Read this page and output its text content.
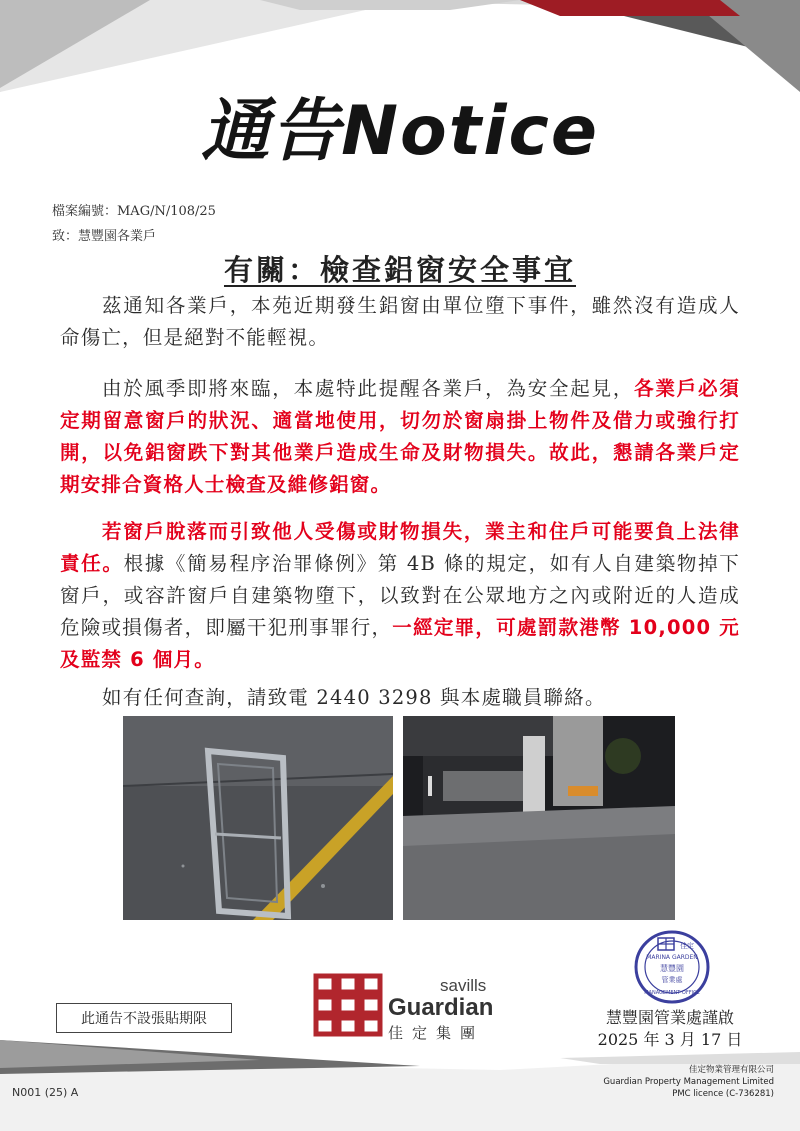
通告Notice
檔案編號：MAG/N/108/25
致：慧豐園各業戶
有關：檢查鋁窗安全事宜
茲通知各業戶，本苑近期發生鋁窗由單位墮下事件，雖然沒有造成人命傷亡，但是絕對不能輕視。
由於風季即將來臨，本處特此提醒各業戶，為安全起見，各業戶必須定期留意窗戶的狀況、適當地使用，切勿於窗扇掛上物件及借力或強行打開，以免鋁窗跌下對其他業戶造成生命及財物損失。故此，懇請各業戶定期安排合資格人士檢查及維修鋁窗。
若窗戶脫落而引致他人受傷或財物損失，業主和住戶可能要負上法律責任。根據《簡易程序治罪條例》第 4B 條的規定，如有人自建築物掉下窗戶，或容許窗戶自建築物墮下，以致對在公眾地方之內或附近的人造成危險或損傷者，即屬干犯刑事罪行，一經定罪，可處罰款港幣 10,000 元及監禁 6 個月。
如有任何查詢，請致電 2440 3298 與本處職員聯絡。
佳定
MARINA GARDEN
慧豐園
管業處
MANAGEMENT OFFICE
savills
Guardian
佳定集團
此通告不設張貼期限	慧豐園管業處謹啟
2025 年 3 月 17 日
佳定物業管理有限公司
Guardian Property Management Limited
PMC licence (C-736281)
N001 (25) A
